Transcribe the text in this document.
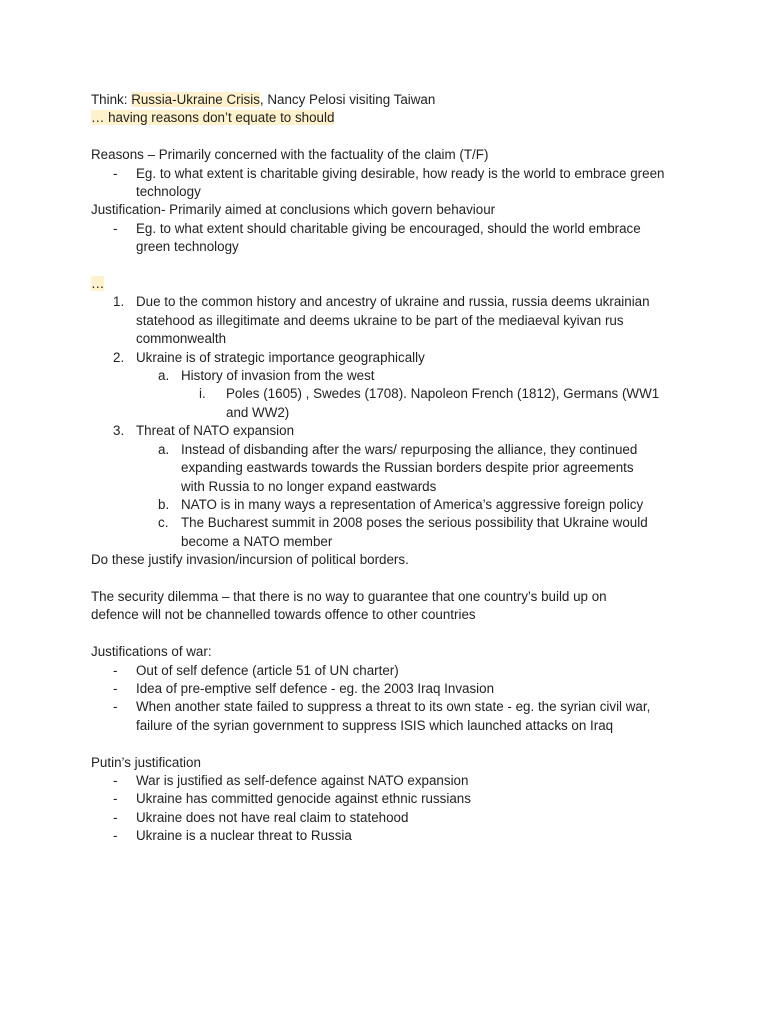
Think: Russia-Ukraine Crisis, Nancy Pelosi visiting Taiwan
… having reasons don’t equate to should
Reasons – Primarily concerned with the factuality of the claim (T/F)
- Eg. to what extent is charitable giving desirable, how ready is the world to embrace green technology
Justification- Primarily aimed at conclusions which govern behaviour
- Eg. to what extent should charitable giving be encouraged, should the world embrace green technology
…
1. Due to the common history and ancestry of ukraine and russia, russia deems ukrainian statehood as illegitimate and deems ukraine to be part of the mediaeval kyivan rus commonwealth
2. Ukraine is of strategic importance geographically
a. History of invasion from the west
i. Poles (1605) , Swedes (1708). Napoleon French (1812), Germans (WW1 and WW2)
3. Threat of NATO expansion
a. Instead of disbanding after the wars/ repurposing the alliance, they continued expanding eastwards towards the Russian borders despite prior agreements with Russia to no longer expand eastwards
b. NATO is in many ways a representation of America’s aggressive foreign policy
c. The Bucharest summit in 2008 poses the serious possibility that Ukraine would become a NATO member
Do these justify invasion/incursion of political borders.
The security dilemma – that there is no way to guarantee that one country’s build up on defence will not be channelled towards offence to other countries
Justifications of war:
- Out of self defence (article 51 of UN charter)
- Idea of pre-emptive self defence - eg. the 2003 Iraq Invasion
- When another state failed to suppress a threat to its own state - eg. the syrian civil war, failure of the syrian government to suppress ISIS which launched attacks on Iraq
Putin’s justification
- War is justified as self-defence against NATO expansion
- Ukraine has committed genocide against ethnic russians
- Ukraine does not have real claim to statehood
- Ukraine is a nuclear threat to Russia
